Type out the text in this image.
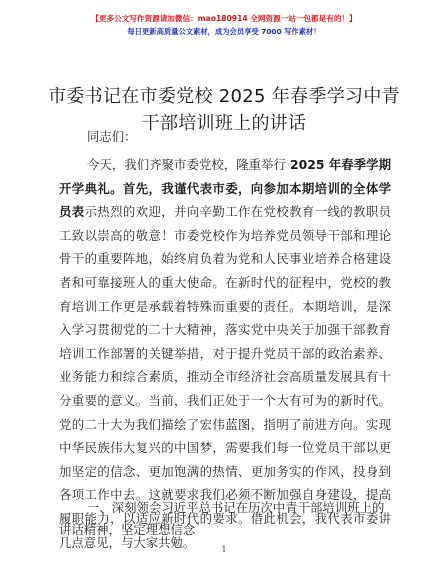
【更多公文写作资源请加微信：mao180914 全网资源一站一包都是有的！】
每日更新高质量公文素材，成为会员享受 7000 写作素材！
市委书记在市委党校 2025 年春季学习中青干部培训班上的讲话
同志们：
今天，我们齐聚市委党校，隆重举行 2025 年春季学期开学典礼。首先，我谨代表市委，向参加本期培训的全体学员表示热烈的欢迎，并向辛勤工作在党校教育一线的教职员工致以崇高的敬意！市委党校作为培养党员领导干部和理论骨干的重要阵地，始终肩负着为党和人民事业培养合格建设者和可靠接班人的重大使命。在新时代的征程中，党校的教育培训工作更是承载着特殊而重要的责任。本期培训，是深入学习贯彻党的二十大精神，落实党中央关于加强干部教育培训工作部署的关键举措，对于提升党员干部的政治素养、业务能力和综合素质，推动全市经济社会高质量发展具有十分重要的意义。当前，我们正处于一个大有可为的新时代。党的二十大为我们描绘了宏伟蓝图，指明了前进方向。实现中华民族伟大复兴的中国梦，需要我们每一位党员干部以更加坚定的信念、更加饱满的热情、更加务实的作风，投身到各项工作中去。这就要求我们必须不断加强自身建设，提高履职能力，以适应新时代的要求。借此机会，我代表市委讲几点意见，与大家共勉。
一、深刻领会习近平总书记在历次中青干部培训班上的讲话精神，坚定理想信念
1
